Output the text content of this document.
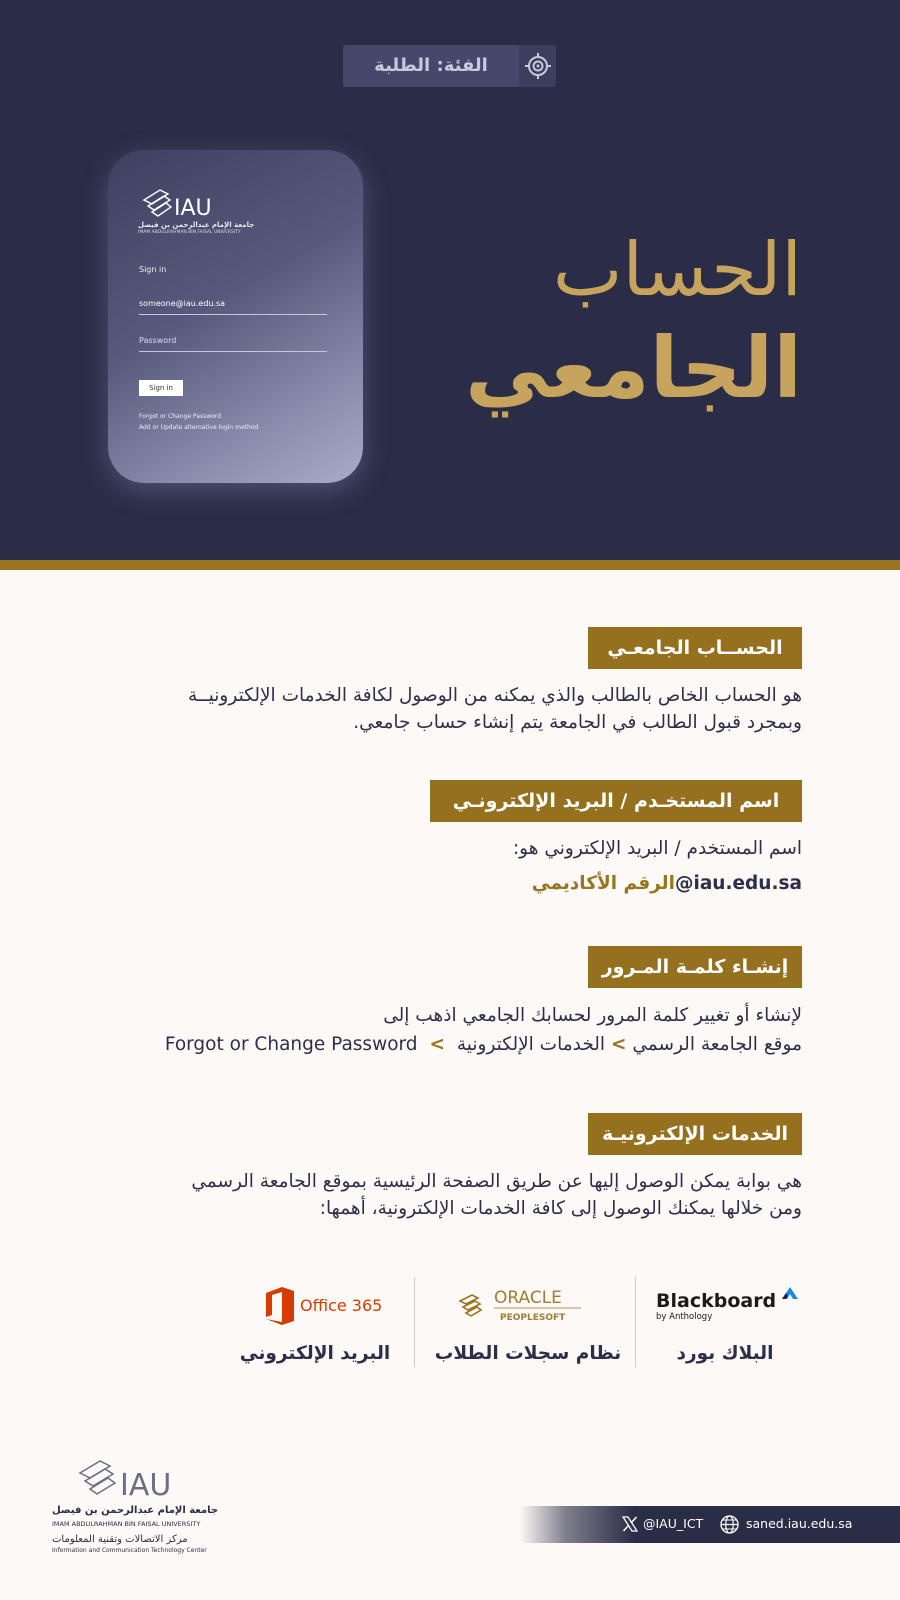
الفئة: الطلبة
الحساب
الجامعي
IAU
جامعة الإمام عبدالرحمن بن فيصل
IMAM ABDULRAHMAN BIN FAISAL UNIVERSITY
Sign in
someone@iau.edu.sa
Password
Sign in
Forgot or Change Password
Add or Update alternative login method
الحســاب الجامعـي
هو الحساب الخاص بالطالب والذي يمكنه من الوصول لكافة الخدمات الإلكترونيــة
وبمجرد قبول الطالب في الجامعة يتم إنشاء حساب جامعي.
اسم المستخـدم / البريد الإلكترونـي
اسم المستخدم / البريد الإلكتروني هو:
@iau.edu.saالرقم الأكاديمي
إنشـاء كلمـة المـرور
لإنشاء أو تغيير كلمة المرور لحسابك الجامعي اذهب إلى
موقع الجامعة الرسمي > الخدمات الإلكترونية > Forgot or Change Password
الخدمات الإلكترونيـة
هي بوابة يمكن الوصول إليها عن طريق الصفحة الرئيسية بموقع الجامعة الرسمي
ومن خلالها يمكنك الوصول إلى كافة الخدمات الإلكترونية، أهمها:
Blackboard
by Anthology
البلاك بورد
ORACLE
PEOPLESOFT
نظام سجلات الطلاب
Office 365
البريد الإلكتروني
IAU
جامعة الإمام عبدالرحمن بن فيصل
IMAM ABDULRAHMAN BIN FAISAL UNIVERSITY
مركز الاتصالات وتقنية المعلومات
Information and Communication Technology Center
@IAU_ICT	saned.iau.edu.sa
